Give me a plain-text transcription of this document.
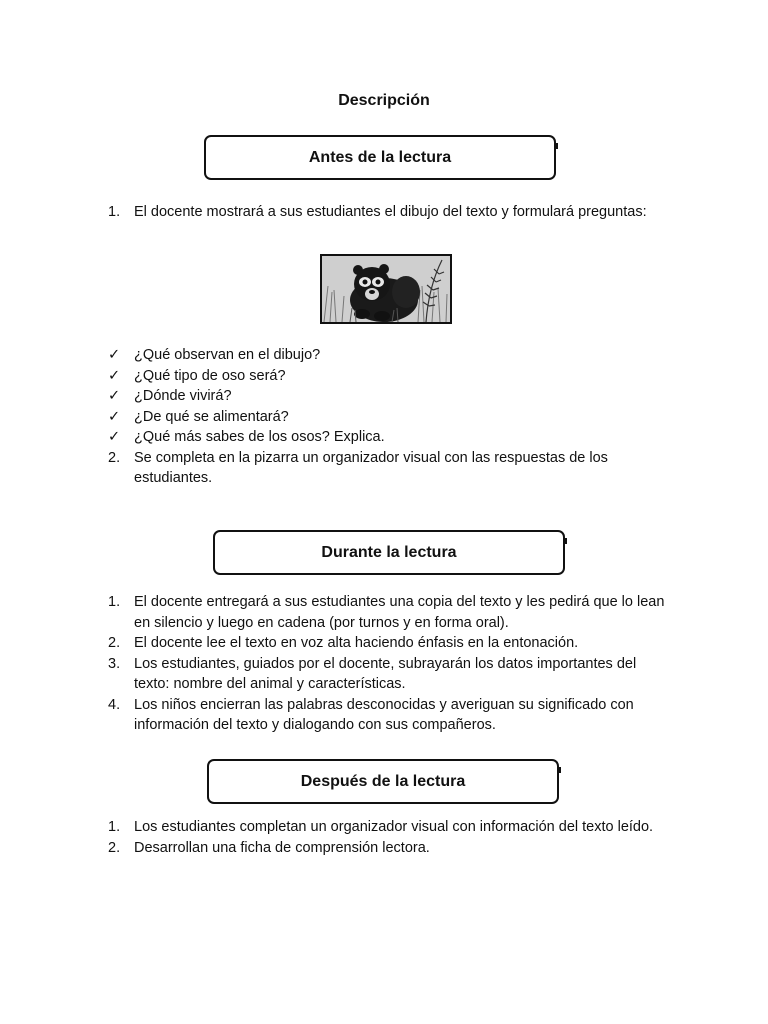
Descripción
Antes de la lectura
1. El docente mostrará a sus estudiantes el dibujo del texto y formulará preguntas:
✓ ¿Qué observan en el dibujo?
✓ ¿Qué tipo de oso será?
✓ ¿Dónde vivirá?
✓ ¿De qué se alimentará?
✓ ¿Qué más sabes de los osos? Explica.
2. Se completa en la pizarra un organizador visual con las respuestas de los estudiantes.
Durante la lectura
1. El docente entregará a sus estudiantes una copia del texto y les pedirá que lo lean en silencio y luego en cadena (por turnos y en forma oral).
2. El docente lee el texto en voz alta haciendo énfasis en la entonación.
3. Los estudiantes, guiados por el docente, subrayarán los datos importantes del texto: nombre del animal y características.
4. Los niños encierran las palabras desconocidas y averiguan su significado con información del texto y dialogando con sus compañeros.
Después de la lectura
1. Los estudiantes completan un organizador visual con información del texto leído.
2. Desarrollan una ficha de comprensión lectora.
